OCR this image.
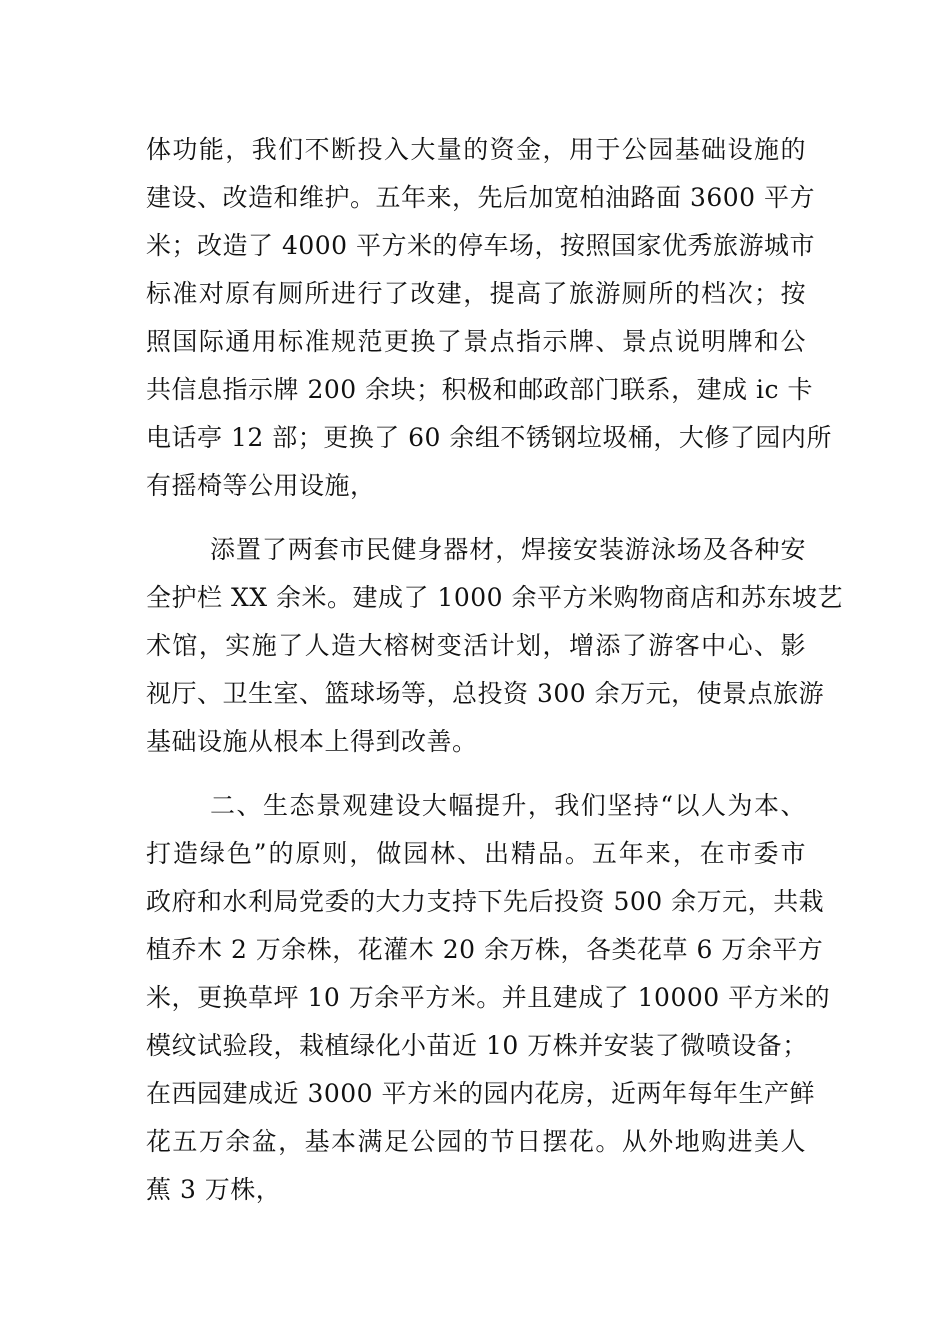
体功能，我们不断投入大量的资金，用于公园基础设施的
建设、改造和维护。五年来，先后加宽柏油路面 3600 平方
米；改造了 4000 平方米的停车场，按照国家优秀旅游城市
标准对原有厕所进行了改建，提高了旅游厕所的档次；按
照国际通用标准规范更换了景点指示牌、景点说明牌和公
共信息指示牌 200 余块；积极和邮政部门联系，建成 ic 卡
电话亭 12 部；更换了 60 余组不锈钢垃圾桶，大修了园内所
有摇椅等公用设施，
添置了两套市民健身器材，焊接安装游泳场及各种安
全护栏 XX 余米。建成了 1000 余平方米购物商店和苏东坡艺
术馆，实施了人造大榕树变活计划，增添了游客中心、影
视厅、卫生室、篮球场等，总投资 300 余万元，使景点旅游
基础设施从根本上得到改善。
二、生态景观建设大幅提升，我们坚持“以人为本、
打造绿色”的原则，做园林、出精品。五年来，在市委市
政府和水利局党委的大力支持下先后投资 500 余万元，共栽
植乔木 2 万余株，花灌木 20 余万株，各类花草 6 万余平方
米，更换草坪 10 万余平方米。并且建成了 10000 平方米的
模纹试验段，栽植绿化小苗近 10 万株并安装了微喷设备；
在西园建成近 3000 平方米的园内花房，近两年每年生产鲜
花五万余盆，基本满足公园的节日摆花。从外地购进美人
蕉 3 万株，
